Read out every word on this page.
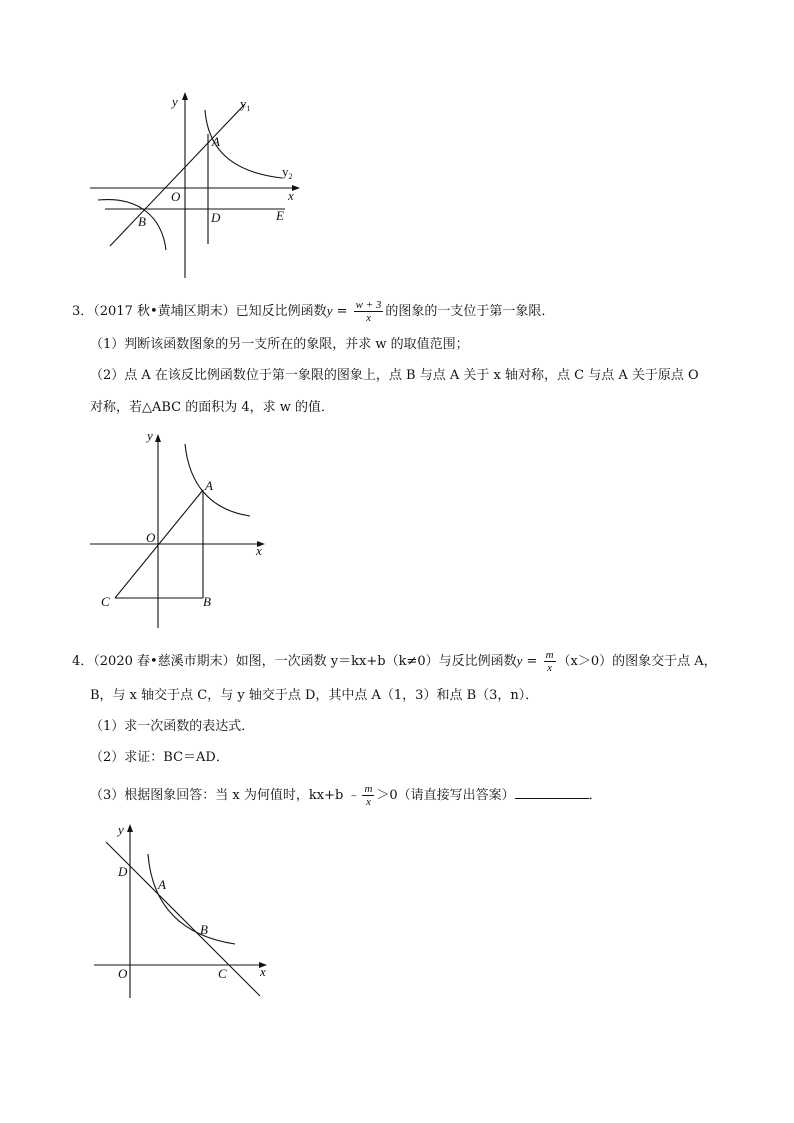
y	$y_1$
$y_2$
x
A
O
B	D	E
3．（2017 秋•黄埔区期末）已知反比例函数$y = \frac{w + 3}{x}$ 的图象的一支位于第一象限．
（1）判断该函数图象的另一支所在的象限，并求 w 的取值范围；
（2）点 A 在该反比例函数位于第一象限的图象上，点 B 与点 A 关于 x 轴对称，点 C 与点 A 关于原点 O
对称，若△ABC 的面积为 4，求 w 的值．
y
x
A
O
B
C
4．（2020 春•慈溪市期末）如图，一次函数 y＝kx+b（k≠0）与反比例函数$y = \frac{m}{x} (x>0)$的图象交于点 A，
B，与 x 轴交于点 C，与 y 轴交于点 D，其中点 A（1，3）和点 B（3，n）．
（1）求一次函数的表达式．
（2）求证：BC＝AD．
（3）根据图象回答：当 x 为何值时，kx+b ﹣ $\frac{m}{x} >0$（请直接写出答案）	．
y
x
D
A
B
O	C
